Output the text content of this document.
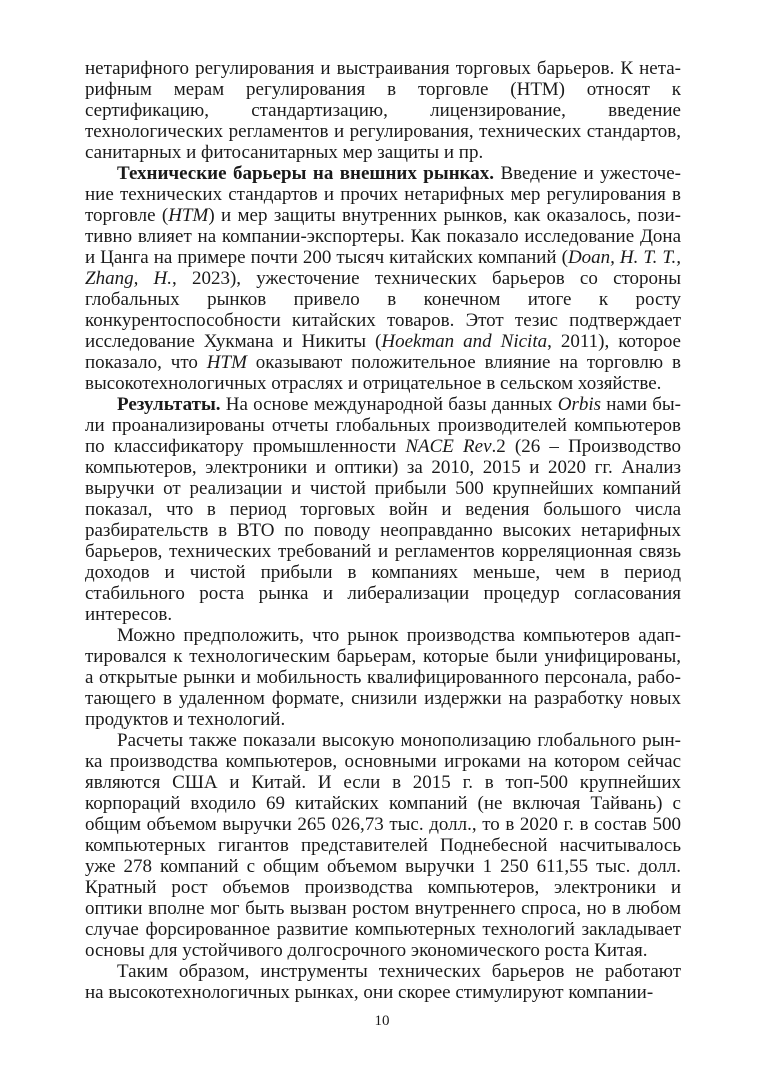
нетарифного регулирования и выстраивания торговых барьеров. К нетарифным мерам регулирования в торговле (НТМ) относят к сертификацию, стандартизацию, лицензирование, введение технологических регламентов и регулирования, технических стандартов, санитарных и фитосанитарных мер защиты и пр.

Технические барьеры на внешних рынках. Введение и ужесточение технических стандартов и прочих нетарифных мер регулирования в торговле (НТМ) и мер защиты внутренних рынков, как оказалось, позитивно влияет на компании-экспортеры. Как показало исследование Дона и Цанга на примере почти 200 тысяч китайских компаний (Doan, H. T. T., Zhang, H., 2023), ужесточение технических барьеров со стороны глобальных рынков привело в конечном итоге к росту конкурентоспособности китайских товаров. Этот тезис подтверждает исследование Хукмана и Никиты (Hoekman and Nicita, 2011), которое показало, что НТМ оказывают положительное влияние на торговлю в высокотехнологичных отраслях и отрицательное в сельском хозяйстве.

Результаты. На основе международной базы данных Orbis нами были проанализированы отчеты глобальных производителей компьютеров по классификатору промышленности NACE Rev.2 (26 – Производство компьютеров, электроники и оптики) за 2010, 2015 и 2020 гг. Анализ выручки от реализации и чистой прибыли 500 крупнейших компаний показал, что в период торговых войн и ведения большого числа разбирательств в ВТО по поводу неоправданно высоких нетарифных барьеров, технических требований и регламентов корреляционная связь доходов и чистой прибыли в компаниях меньше, чем в период стабильного роста рынка и либерализации процедур согласования интересов.

Можно предположить, что рынок производства компьютеров адаптировался к технологическим барьерам, которые были унифицированы, а открытые рынки и мобильность квалифицированного персонала, работающего в удаленном формате, снизили издержки на разработку новых продуктов и технологий.

Расчеты также показали высокую монополизацию глобального рынка производства компьютеров, основными игроками на котором сейчас являются США и Китай. И если в 2015 г. в топ-500 крупнейших корпораций входило 69 китайских компаний (не включая Тайвань) с общим объемом выручки 265 026,73 тыс. долл., то в 2020 г. в состав 500 компьютерных гигантов представителей Поднебесной насчитывалось уже 278 компаний с общим объемом выручки 1 250 611,55 тыс. долл. Кратный рост объемов производства компьютеров, электроники и оптики вполне мог быть вызван ростом внутреннего спроса, но в любом случае форсированное развитие компьютерных технологий закладывает основы для устойчивого долгосрочного экономического роста Китая.

Таким образом, инструменты технических барьеров не работают на высокотехнологичных рынках, они скорее стимулируют компании-

10
